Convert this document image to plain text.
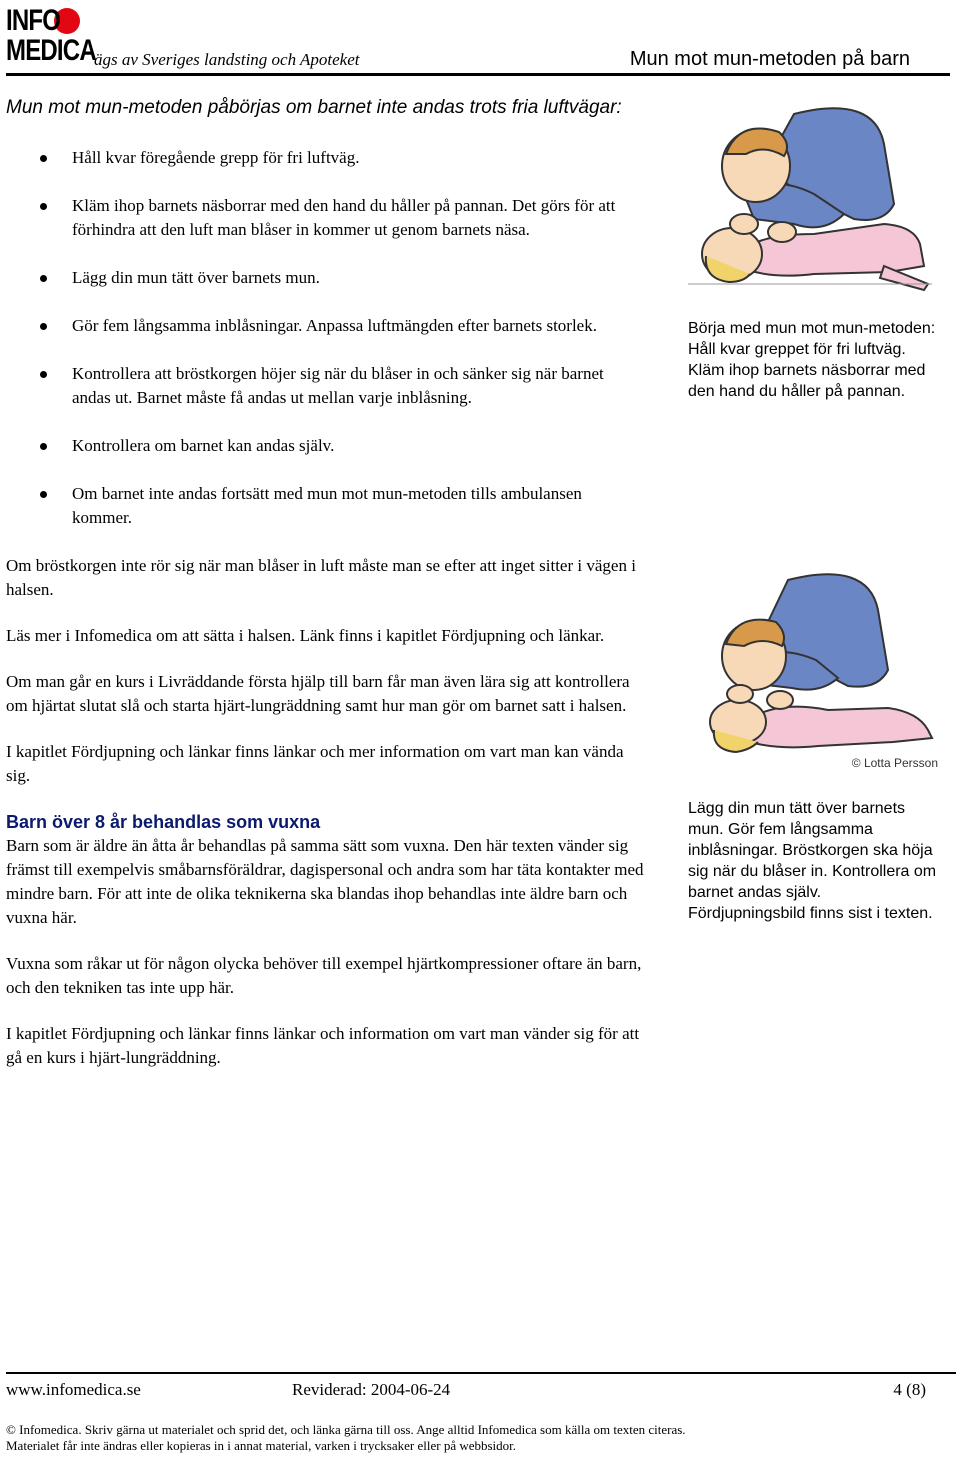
INFO
MEDICA
ägs av Sveriges landsting och Apoteket	Mun mot mun-metoden på barn

Mun mot mun-metoden påbörjas om barnet inte andas trots fria luftvägar:

Håll kvar föregående grepp för fri luftväg.
Kläm ihop barnets näsborrar med den hand du håller på pannan. Det görs för att förhindra att den luft man blåser in kommer ut genom barnets näsa.
Lägg din mun tätt över barnets mun.
Gör fem långsamma inblåsningar. Anpassa luftmängden efter barnets storlek.
Kontrollera att bröstkorgen höjer sig när du blåser in och sänker sig när barnet andas ut. Barnet måste få andas ut mellan varje inblåsning.
Kontrollera om barnet kan andas själv.
Om barnet inte andas fortsätt med mun mot mun-metoden tills ambulansen kommer.

Om bröstkorgen inte rör sig när man blåser in luft måste man se efter att inget sitter i vägen i halsen.

Läs mer i Infomedica om att sätta i halsen. Länk finns i kapitlet Fördjupning och länkar.

Om man går en kurs i Livräddande första hjälp till barn får man även lära sig att kontrollera om hjärtat slutat slå och starta hjärt-lungräddning samt hur man gör om barnet satt i halsen.

I kapitlet Fördjupning och länkar finns länkar och mer information om vart man kan vända sig.

Barn över 8 år behandlas som vuxna

Barn som är äldre än åtta år behandlas på samma sätt som vuxna. Den här texten vänder sig främst till exempelvis småbarnsföräldrar, dagispersonal och andra som har täta kontakter med mindre barn. För att inte de olika teknikerna ska blandas ihop behandlas inte äldre barn och vuxna här.

Vuxna som råkar ut för någon olycka behöver till exempel hjärtkompressioner oftare än barn, och den tekniken tas inte upp här.

I kapitlet Fördjupning och länkar finns länkar och information om vart man vänder sig för att gå en kurs i hjärt-lungräddning.

Börja med mun mot mun-metoden: Håll kvar greppet för fri luftväg. Kläm ihop barnets näsborrar med den hand du håller på pannan.
© Lotta Persson
Lägg din mun tätt över barnets mun. Gör fem långsamma inblåsningar. Bröstkorgen ska höja sig när du blåser in. Kontrollera om barnet andas själv. Fördjupningsbild finns sist i texten.
www.infomedica.se	Reviderad: 2004-06-24	4 (8)
© Infomedica. Skriv gärna ut materialet och sprid det, och länka gärna till oss. Ange alltid Infomedica som källa om texten citeras.
Materialet får inte ändras eller kopieras in i annat material, varken i trycksaker eller på webbsidor.
